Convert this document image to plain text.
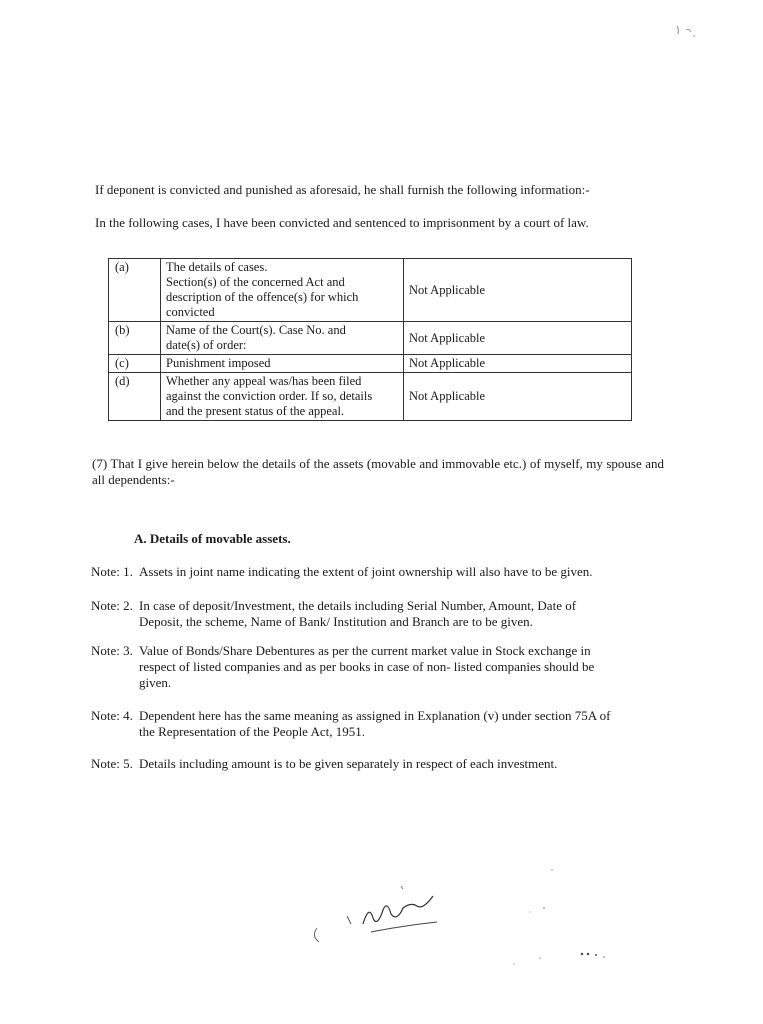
If deponent is convicted and punished as aforesaid, he shall furnish the following information:-
In the following cases, I have been convicted and sentenced to imprisonment by a court of law.
(a)	The details of cases.
Section(s) of the concerned Act and
description of the offence(s) for which
convicted	Not Applicable
(b)	Name of the Court(s). Case No. and
date(s) of order:	Not Applicable
(c)	Punishment imposed	Not Applicable
(d)	Whether any appeal was/has been filed
against the conviction order. If so, details
and the present status of the appeal.	Not Applicable
(7) That I give herein below the details of the assets (movable and immovable etc.) of myself, my spouse and all dependents:-
A. Details of movable assets.
Note: 1. Assets in joint name indicating the extent of joint ownership will also have to be given.
Note: 2. In case of deposit/Investment, the details including Serial Number, Amount, Date of
Deposit, the scheme, Name of Bank/ Institution and Branch are to be given.
Note: 3. Value of Bonds/Share Debentures as per the current market value in Stock exchange in
respect of listed companies and as per books in case of non- listed companies should be
given.
Note: 4. Dependent here has the same meaning as assigned in Explanation (v) under section 75A of
the Representation of the People Act, 1951.
Note: 5. Details including amount is to be given separately in respect of each investment.
